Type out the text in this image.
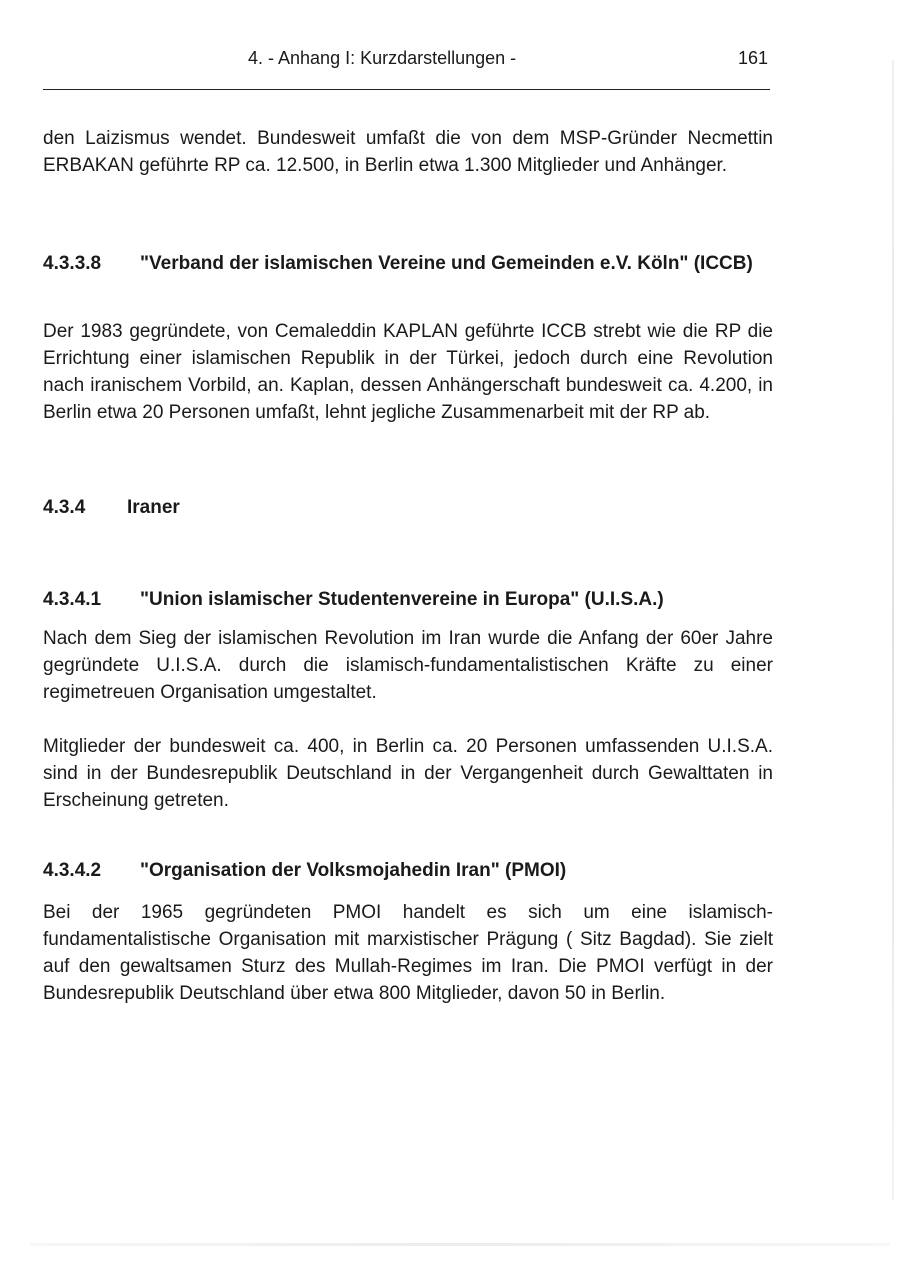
4. - Anhang I: Kurzdarstellungen -	161
den Laizismus wendet. Bundesweit umfaßt die von dem MSP-Gründer Necmettin ERBAKAN geführte RP ca. 12.500, in Berlin etwa 1.300 Mitglieder und Anhänger.
4.3.3.8 "Verband der islamischen Vereine und Gemeinden e.V. Köln" (ICCB)
Der 1983 gegründete, von Cemaleddin KAPLAN geführte ICCB strebt wie die RP die Errichtung einer islamischen Republik in der Türkei, jedoch durch eine Revolution nach iranischem Vorbild, an. Kaplan, dessen Anhängerschaft bundesweit ca. 4.200, in Berlin etwa 20 Personen umfaßt, lehnt jegliche Zusammenarbeit mit der RP ab.
4.3.4 Iraner
4.3.4.1 "Union islamischer Studentenvereine in Europa" (U.I.S.A.)
Nach dem Sieg der islamischen Revolution im Iran wurde die Anfang der 60er Jahre gegründete U.I.S.A. durch die islamisch-fundamentalistischen Kräfte zu einer regimetreuen Organisation umgestaltet.
Mitglieder der bundesweit ca. 400, in Berlin ca. 20 Personen umfassenden U.I.S.A. sind in der Bundesrepublik Deutschland in der Vergangenheit durch Gewalttaten in Erscheinung getreten.
4.3.4.2 "Organisation der Volksmojahedin Iran" (PMOI)
Bei der 1965 gegründeten PMOI handelt es sich um eine islamisch-fundamentalistische Organisation mit marxistischer Prägung ( Sitz Bagdad). Sie zielt auf den gewaltsamen Sturz des Mullah-Regimes im Iran. Die PMOI verfügt in der Bundesrepublik Deutschland über etwa 800 Mitglieder, davon 50 in Berlin.
